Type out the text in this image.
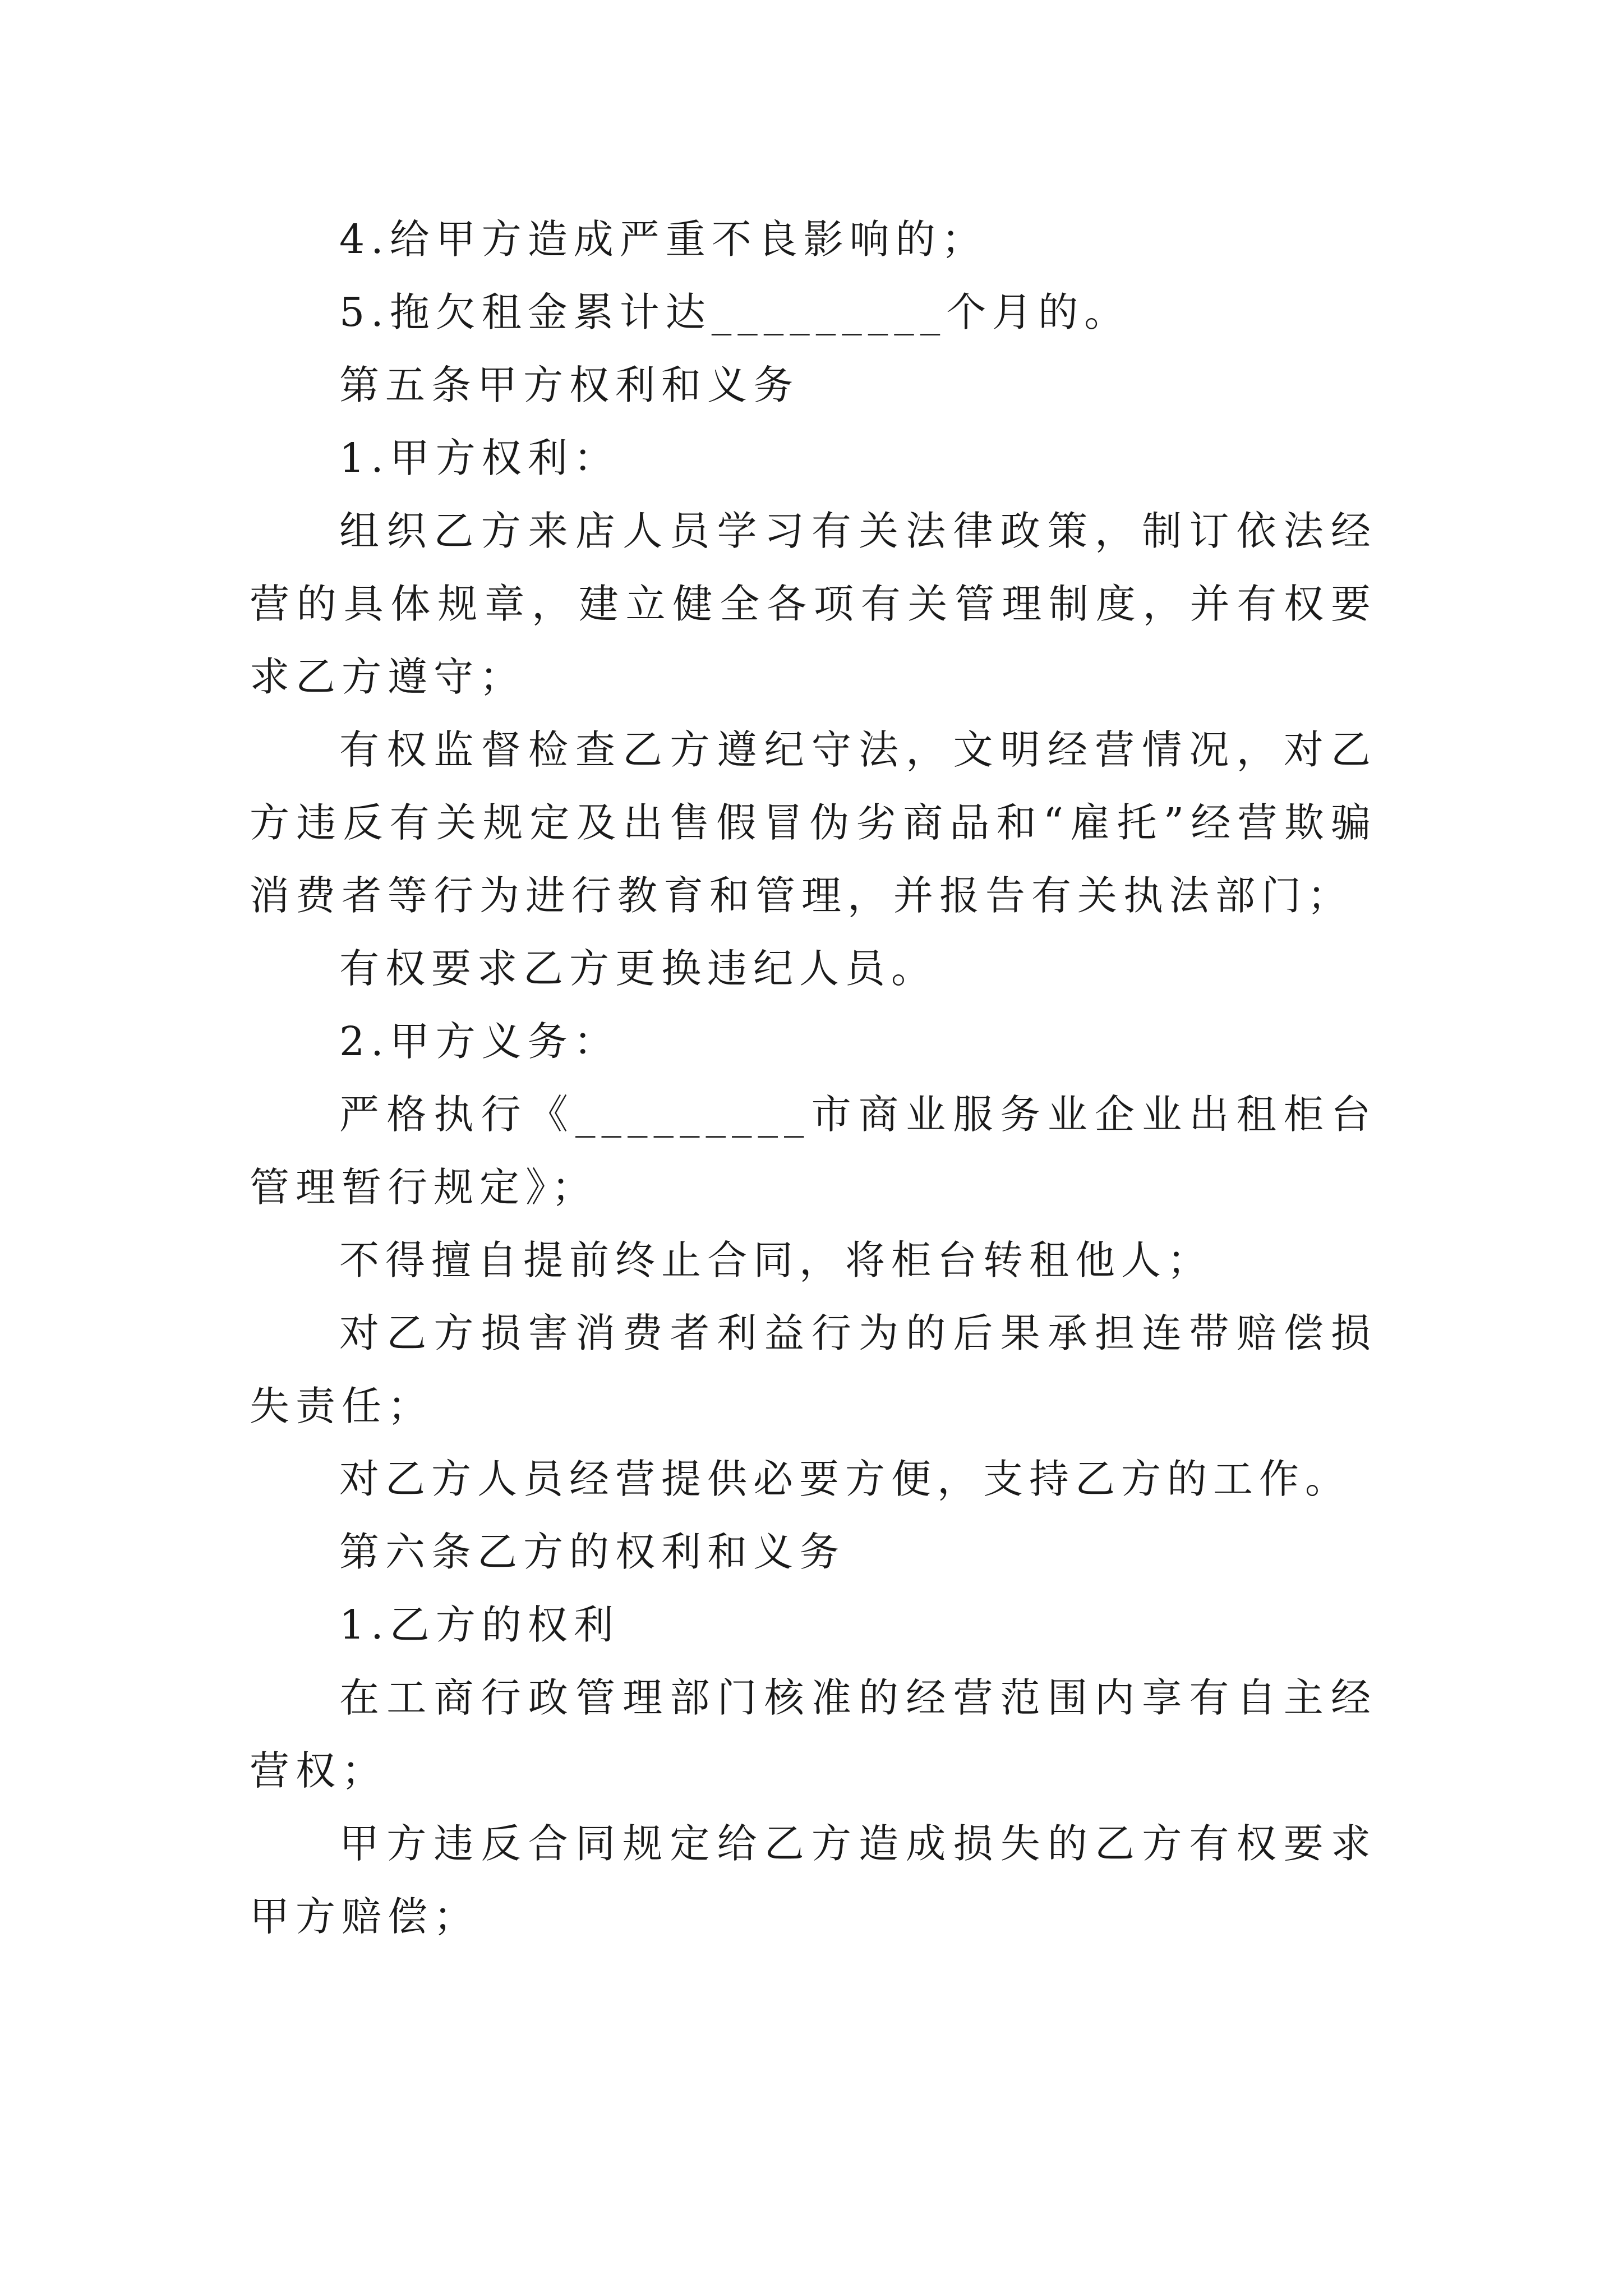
4.给甲方造成严重不良影响的；

5.拖欠租金累计达_________个月的。

第五条甲方权利和义务

1.甲方权利：

组织乙方来店人员学习有关法律政策，制订依法经营的具体规章，建立健全各项有关管理制度，并有权要求乙方遵守；

有权监督检查乙方遵纪守法，文明经营情况，对乙方违反有关规定及出售假冒伪劣商品和“雇托”经营欺骗消费者等行为进行教育和管理，并报告有关执法部门；

有权要求乙方更换违纪人员。

2.甲方义务：

严格执行《_________市商业服务业企业出租柜台管理暂行规定》；

不得擅自提前终止合同，将柜台转租他人；

对乙方损害消费者利益行为的后果承担连带赔偿损失责任；

对乙方人员经营提供必要方便，支持乙方的工作。

第六条乙方的权利和义务

1.乙方的权利

在工商行政管理部门核准的经营范围内享有自主经营权；

甲方违反合同规定给乙方造成损失的乙方有权要求甲方赔偿；
